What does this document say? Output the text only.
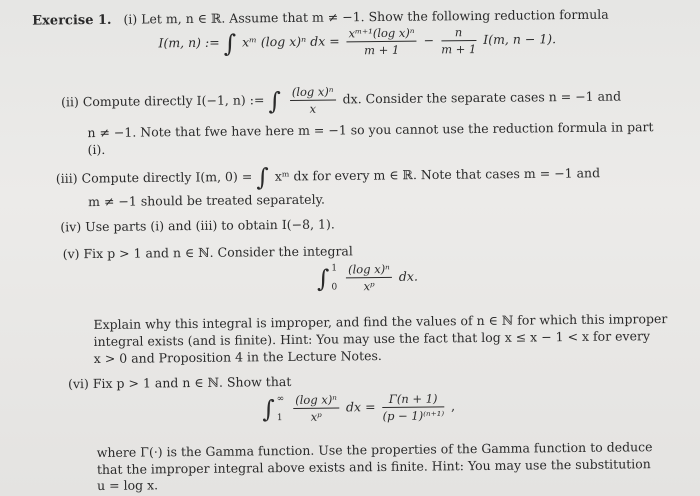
Exercise 1. (i) Let m, n ∈ ℝ. Assume that m ≠ −1. Show the following reduction formula
I(m, n) := ∫ xᵐ (log x)ⁿ dx = $\frac{\text{xᵐ⁺¹(log x)ⁿ}}{m + 1} - \frac{n}{m + 1} I(m$, n − 1).
(ii) Compute directly I(−1, n) := ∫ $\frac{\text{(log x)ⁿ}}{x}$ dx. Consider the separate cases n = −1 and
n ≠ −1. Note that fwe have here m = −1 so you cannot use the reduction formula in part
(i).
(iii) Compute directly I(m, 0) = ∫ xᵐ dx for every m ∈ ℝ. Note that cases m = −1 and
m ≠ −1 should be treated separately.
(iv) Use parts (i) and (iii) to obtain I(−8, 1).
(v) Fix p > 1 and n ∈ ℕ. Consider the integral
∫ 1
0
$\frac{\text{(log x)ⁿ}}{\text{xᵖ}}$ dx.
Explain why this integral is improper, and find the values of n ∈ ℕ for which this improper
integral exists (and is finite). Hint: You may use the fact that log x ≤ x − 1 < x for every
x > 0 and Proposition 4 in the Lecture Notes.
(vi) Fix p > 1 and n ∈ ℕ. Show that
∫ ∞
1
$\frac{\text{(log x)ⁿ}}{\text{xᵖ}}$ dx = $\frac{\Gamma(n + 1)}{\text{(p − 1)⁽ⁿ⁺¹⁾}}$ ,
where Γ(·) is the Gamma function. Use the properties of the Gamma function to deduce
that the improper integral above exists and is finite. Hint: You may use the substitution
u = log x.
